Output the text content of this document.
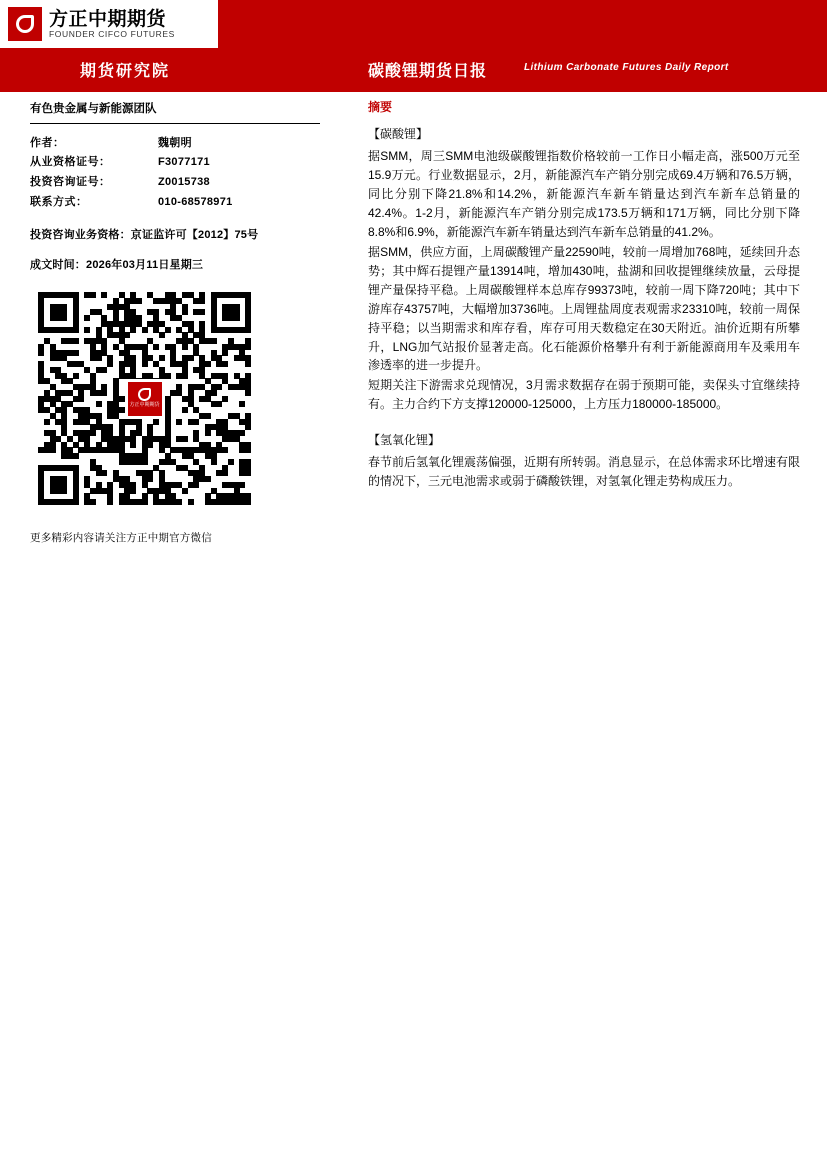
方正中期期货
FOUNDER CIFCO FUTURES
期货研究院	碳酸锂期货日报	Lithium Carbonate Futures Daily Report
有色贵金属与新能源团队
作者：	魏朝明
从业资格证号：	F3077171
投资咨询证号：	Z0015738
联系方式：	010-68578971
投资咨询业务资格：京证监许可【2012】75号
成文时间：2026年03月11日星期三
方正中期期货
更多精彩内容请关注方正中期官方微信
摘要
【碳酸锂】

据SMM，周三SMM电池级碳酸锂指数价格较前一工作日小幅走高，涨500万元至15.9万元。行业数据显示，2月，新能源汽车产销分别完成69.4万辆和76.5万辆，同比分别下降21.8%和14.2%，新能源汽车新车销量达到汽车新车总销量的42.4%。1-2月，新能源汽车产销分别完成173.5万辆和171万辆，同比分别下降8.8%和6.9%，新能源汽车新车销量达到汽车新车总销量的41.2%。

据SMM，供应方面，上周碳酸锂产量22590吨，较前一周增加768吨，延续回升态势；其中辉石提锂产量13914吨，增加430吨，盐湖和回收提锂继续放量，云母提锂产量保持平稳。上周碳酸锂样本总库存99373吨，较前一周下降720吨；其中下游库存43757吨，大幅增加3736吨。上周锂盐周度表观需求23310吨，较前一周保持平稳；以当期需求和库存看，库存可用天数稳定在30天附近。油价近期有所攀升，LNG加气站报价显著走高。化石能源价格攀升有利于新能源商用车及乘用车渗透率的进一步提升。

短期关注下游需求兑现情况，3月需求数据存在弱于预期可能，卖保头寸宜继续持有。主力合约下方支撑120000-125000，上方压力180000-185000。

【氢氧化锂】

春节前后氢氧化锂震荡偏强，近期有所转弱。消息显示，在总体需求环比增速有限的情况下，三元电池需求或弱于磷酸铁锂，对氢氧化锂走势构成压力。
